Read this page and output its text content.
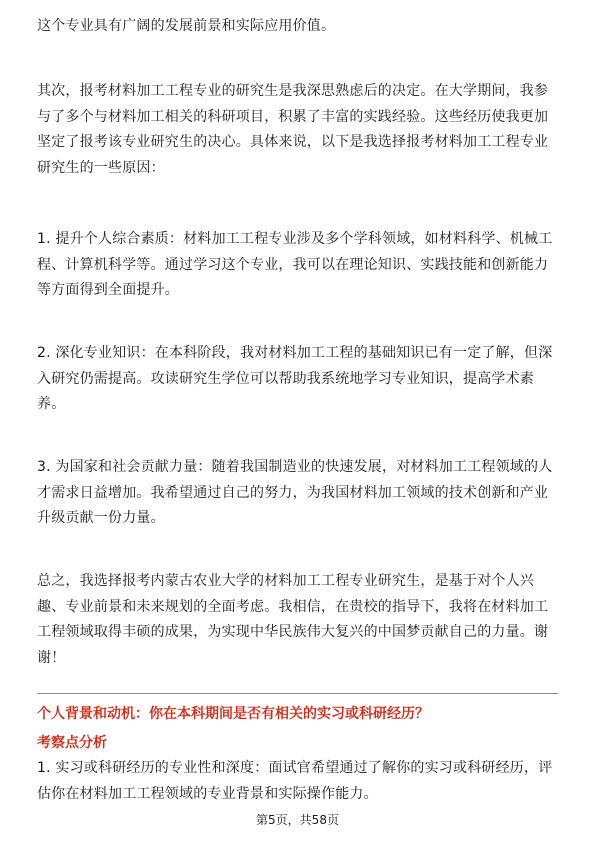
这个专业具有广阔的发展前景和实际应用价值。

其次，报考材料加工工程专业的研究生是我深思熟虑后的决定。在大学期间，我参与了多个与材料加工相关的科研项目，积累了丰富的实践经验。这些经历使我更加坚定了报考该专业研究生的决心。具体来说，以下是我选择报考材料加工工程专业研究生的一些原因：

1. 提升个人综合素质：材料加工工程专业涉及多个学科领域，如材料科学、机械工程、计算机科学等。通过学习这个专业，我可以在理论知识、实践技能和创新能力等方面得到全面提升。

2. 深化专业知识：在本科阶段，我对材料加工工程的基础知识已有一定了解，但深入研究仍需提高。攻读研究生学位可以帮助我系统地学习专业知识，提高学术素养。

3. 为国家和社会贡献力量：随着我国制造业的快速发展，对材料加工工程领域的人才需求日益增加。我希望通过自己的努力，为我国材料加工领域的技术创新和产业升级贡献一份力量。

总之，我选择报考内蒙古农业大学的材料加工工程专业研究生，是基于对个人兴趣、专业前景和未来规划的全面考虑。我相信，在贵校的指导下，我将在材料加工工程领域取得丰硕的成果，为实现中华民族伟大复兴的中国梦贡献自己的力量。谢谢！

个人背景和动机：你在本科期间是否有相关的实习或科研经历？
考察点分析

1. 实习或科研经历的专业性和深度：面试官希望通过了解你的实习或科研经历，评估你在材料加工工程领域的专业背景和实际操作能力。

第5页，共58页
